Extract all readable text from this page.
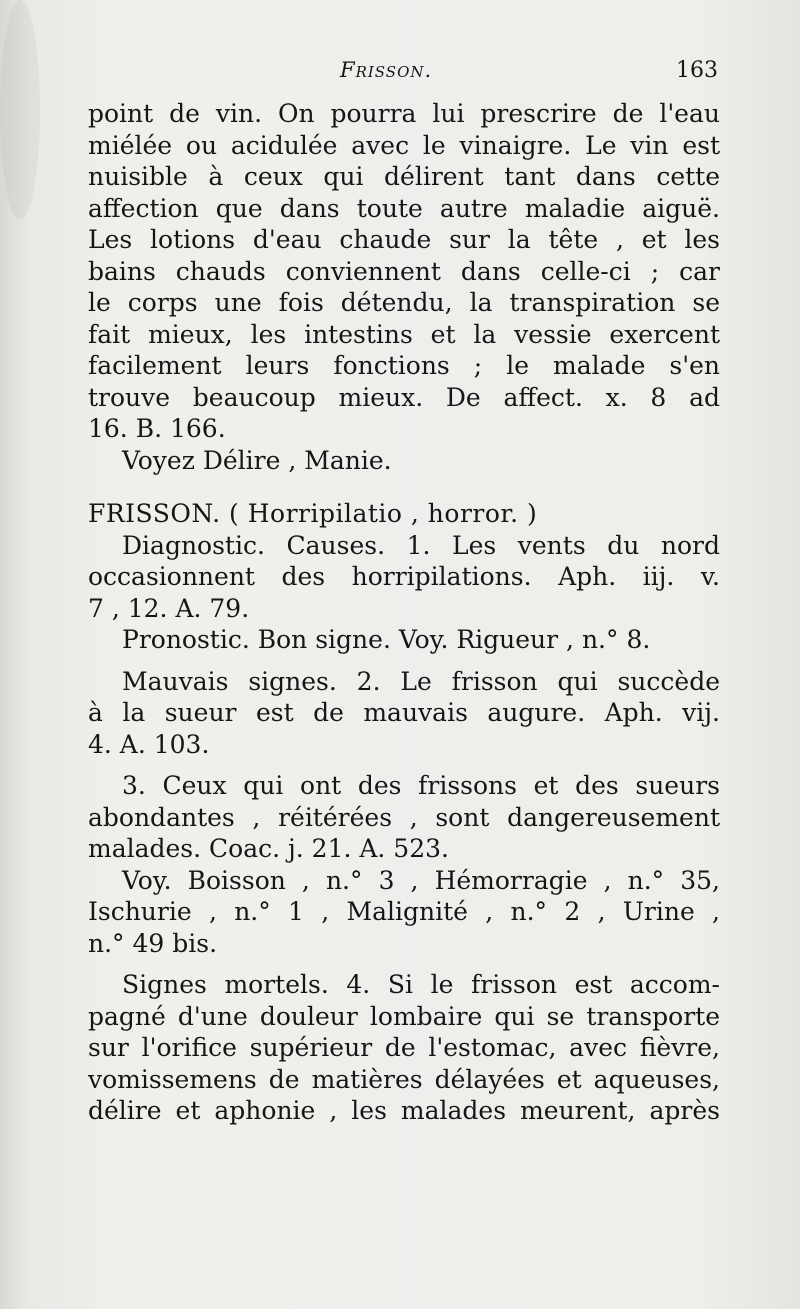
Frisson.	163
point de vin. On pourra lui prescrire de l'eau
miélée ou acidulée avec le vinaigre. Le vin est
nuisible à ceux qui délirent tant dans cette
affection que dans toute autre maladie aiguë.
Les lotions d'eau chaude sur la tête , et les
bains chauds conviennent dans celle-ci ; car
le corps une fois détendu, la transpiration se
fait mieux, les intestins et la vessie exercent
facilement leurs fonctions ; le malade s'en
trouve beaucoup mieux. De affect. x. 8 ad
16. B. 166.
Voyez Délire , Manie.
FRISSON. ( Horripilatio , horror. )
Diagnostic. Causes. 1. Les vents du nord
occasionnent des horripilations. Aph. iij. v.
7 , 12. A. 79.
Pronostic. Bon signe. Voy. Rigueur , n.° 8.
Mauvais signes. 2. Le frisson qui succède
à la sueur est de mauvais augure. Aph. vij.
4. A. 103.
3. Ceux qui ont des frissons et des sueurs
abondantes , réitérées , sont dangereusement
malades. Coac. j. 21. A. 523.
Voy. Boisson , n.° 3 , Hémorragie , n.° 35,
Ischurie , n.° 1 , Malignité , n.° 2 , Urine ,
n.° 49 bis.
Signes mortels. 4. Si le frisson est accom-
pagné d'une douleur lombaire qui se transporte
sur l'orifice supérieur de l'estomac, avec fièvre,
vomissemens de matières délayées et aqueuses,
délire et aphonie , les malades meurent, après
